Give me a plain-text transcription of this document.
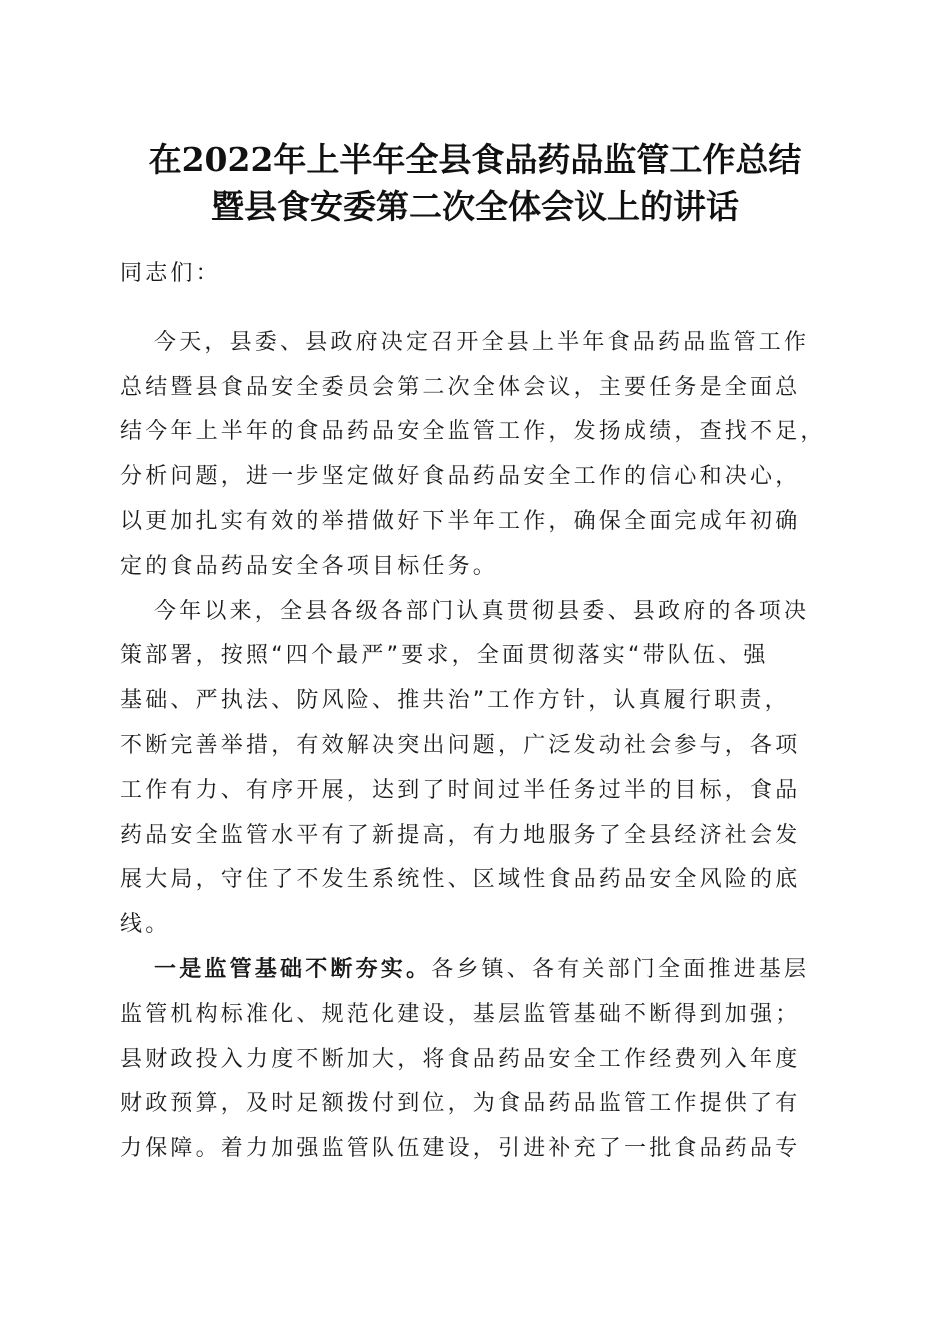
在2022年上半年全县食品药品监管工作总结
暨县食安委第二次全体会议上的讲话
同志们：
今天，县委、县政府决定召开全县上半年食品药品监管工作
总结暨县食品安全委员会第二次全体会议，主要任务是全面总
结今年上半年的食品药品安全监管工作，发扬成绩，查找不足，
分析问题，进一步坚定做好食品药品安全工作的信心和决心，
以更加扎实有效的举措做好下半年工作，确保全面完成年初确
定的食品药品安全各项目标任务。
今年以来，全县各级各部门认真贯彻县委、县政府的各项决
策部署，按照“四个最严”要求，全面贯彻落实“带队伍、强
基础、严执法、防风险、推共治”工作方针，认真履行职责，
不断完善举措，有效解决突出问题，广泛发动社会参与，各项
工作有力、有序开展，达到了时间过半任务过半的目标，食品
药品安全监管水平有了新提高，有力地服务了全县经济社会发
展大局，守住了不发生系统性、区域性食品药品安全风险的底
线。
一是监管基础不断夯实。各乡镇、各有关部门全面推进基层
监管机构标准化、规范化建设，基层监管基础不断得到加强；
县财政投入力度不断加大，将食品药品安全工作经费列入年度
财政预算，及时足额拨付到位，为食品药品监管工作提供了有
力保障。着力加强监管队伍建设，引进补充了一批食品药品专
